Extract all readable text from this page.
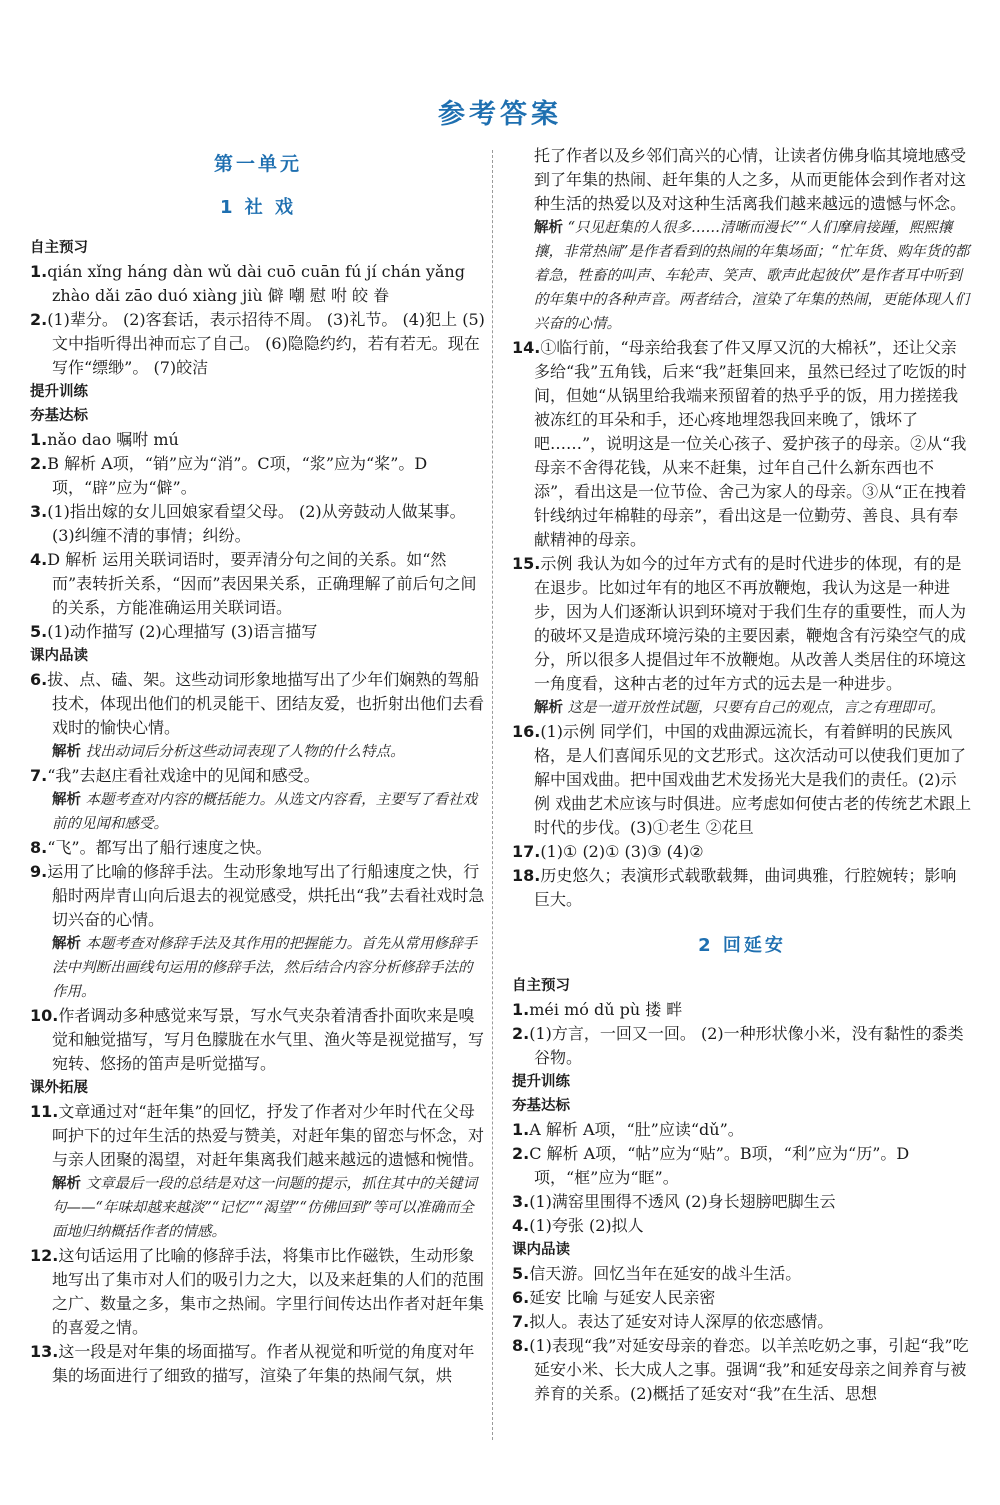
参考答案
第一单元
1 社 戏

自主预习

1.qián xǐng háng dàn wǔ dài cuō cuān fú jí chán yǎng zhào dǎi zāo duó xiàng jiù 僻 嘲 慰 咐 皎 眷

2.(1)辈分。 (2)客套话，表示招待不周。 (3)礼节。 (4)犯上 (5)文中指听得出神而忘了自己。 (6)隐隐约约，若有若无。现在写作“缥缈”。 (7)皎洁

提升训练

夯基达标

1.nǎo dao 嘱咐 mú

2.B 解析 A项，“销”应为“消”。C项，“浆”应为“桨”。D项，“辟”应为“僻”。

3.(1)指出嫁的女儿回娘家看望父母。 (2)从旁鼓动人做某事。 (3)纠缠不清的事情；纠纷。

4.D 解析 运用关联词语时，要弄清分句之间的关系。如“然而”表转折关系，“因而”表因果关系，正确理解了前后句之间的关系，方能准确运用关联词语。

5.(1)动作描写 (2)心理描写 (3)语言描写

课内品读

6.拔、点、磕、架。这些动词形象地描写出了少年们娴熟的驾船技术，体现出他们的机灵能干、团结友爱，也折射出他们去看戏时的愉快心情。

解析 找出动词后分析这些动词表现了人物的什么特点。

7.“我”去赵庄看社戏途中的见闻和感受。

解析 本题考查对内容的概括能力。从选文内容看，主要写了看社戏前的见闻和感受。

8.“飞”。都写出了船行速度之快。

9.运用了比喻的修辞手法。生动形象地写出了行船速度之快，行船时两岸青山向后退去的视觉感受，烘托出“我”去看社戏时急切兴奋的心情。

解析 本题考查对修辞手法及其作用的把握能力。首先从常用修辞手法中判断出画线句运用的修辞手法，然后结合内容分析修辞手法的作用。

10.作者调动多种感觉来写景，写水气夹杂着清香扑面吹来是嗅觉和触觉描写，写月色朦胧在水气里、渔火等是视觉描写，写宛转、悠扬的笛声是听觉描写。

课外拓展

11.文章通过对“赶年集”的回忆，抒发了作者对少年时代在父母呵护下的过年生活的热爱与赞美，对赶年集的留恋与怀念，对与亲人团聚的渴望，对赶年集离我们越来越远的遗憾和惋惜。

解析 文章最后一段的总结是对这一问题的提示，抓住其中的关键词句——“年味却越来越淡”“记忆”“渴望”“仿佛回到”等可以准确而全面地归纳概括作者的情感。

12.这句话运用了比喻的修辞手法，将集市比作磁铁，生动形象地写出了集市对人们的吸引力之大，以及来赶集的人们的范围之广、数量之多，集市之热闹。字里行间传达出作者对赶年集的喜爱之情。

13.这一段是对年集的场面描写。作者从视觉和听觉的角度对年集的场面进行了细致的描写，渲染了年集的热闹气氛，烘

托了作者以及乡邻们高兴的心情，让读者仿佛身临其境地感受到了年集的热闹、赶年集的人之多，从而更能体会到作者对这种生活的热爱以及对这种生活离我们越来越远的遗憾与怀念。

解析 “只见赶集的人很多……清晰而漫长”“人们摩肩接踵，熙熙攘攘，非常热闹”是作者看到的热闹的年集场面；“忙年货、购年货的都着急，牲畜的叫声、车轮声、笑声、歌声此起彼伏”是作者耳中听到的年集中的各种声音。两者结合，渲染了年集的热闹，更能体现人们兴奋的心情。

14.①临行前，“母亲给我套了件又厚又沉的大棉袄”，还让父亲多给“我”五角钱，后来“我”赶集回来，虽然已经过了吃饭的时间，但她“从锅里给我端来预留着的热乎乎的饭，用力搓搓我被冻红的耳朵和手，还心疼地埋怨我回来晚了，饿坏了吧……”，说明这是一位关心孩子、爱护孩子的母亲。②从“我母亲不舍得花钱，从来不赶集，过年自己什么新东西也不添”，看出这是一位节俭、舍己为家人的母亲。③从“正在拽着针线纳过年棉鞋的母亲”，看出这是一位勤劳、善良、具有奉献精神的母亲。

15.示例 我认为如今的过年方式有的是时代进步的体现，有的是在退步。比如过年有的地区不再放鞭炮，我认为这是一种进步，因为人们逐渐认识到环境对于我们生存的重要性，而人为的破坏又是造成环境污染的主要因素，鞭炮含有污染空气的成分，所以很多人提倡过年不放鞭炮。从改善人类居住的环境这一角度看，这种古老的过年方式的远去是一种进步。

解析 这是一道开放性试题，只要有自己的观点，言之有理即可。

16.(1)示例 同学们，中国的戏曲源远流长，有着鲜明的民族风格，是人们喜闻乐见的文艺形式。这次活动可以使我们更加了解中国戏曲。把中国戏曲艺术发扬光大是我们的责任。(2)示例 戏曲艺术应该与时俱进。应考虑如何使古老的传统艺术跟上时代的步伐。(3)①老生 ②花旦

17.(1)① (2)① (3)③ (4)②

18.历史悠久；表演形式载歌载舞，曲词典雅，行腔婉转；影响巨大。

2 回延安

自主预习

1.méi mó dǔ pù 搂 畔

2.(1)方言，一回又一回。 (2)一种形状像小米，没有黏性的黍类谷物。

提升训练

夯基达标

1.A 解析 A项，“肚”应读“dǔ”。

2.C 解析 A项，“帖”应为“贴”。B项，“利”应为“历”。D项，“框”应为“眶”。

3.(1)满窑里围得不透风 (2)身长翅膀吧脚生云

4.(1)夸张 (2)拟人

课内品读

5.信天游。回忆当年在延安的战斗生活。

6.延安 比喻 与延安人民亲密

7.拟人。表达了延安对诗人深厚的依恋感情。

8.(1)表现“我”对延安母亲的眷恋。以羊羔吃奶之事，引起“我”吃延安小米、长大成人之事。强调“我”和延安母亲之间养育与被养育的关系。(2)概括了延安对“我”在生活、思想
